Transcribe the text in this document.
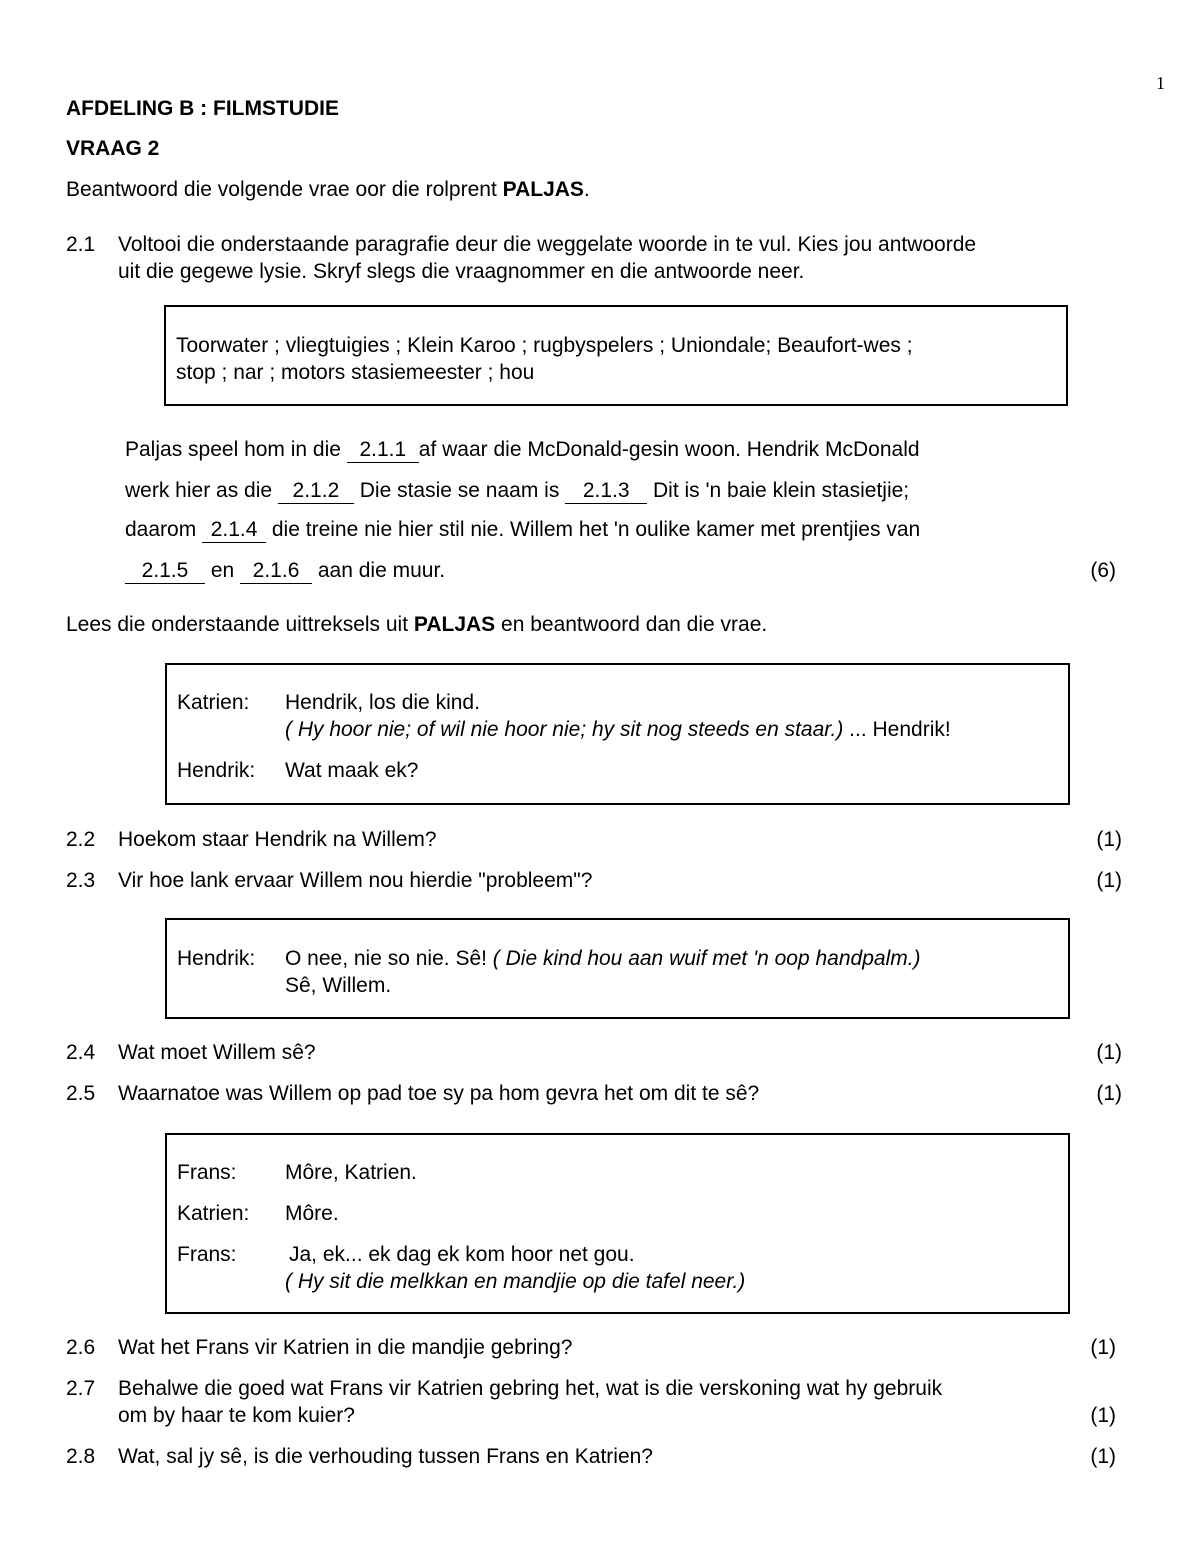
1
AFDELING B : FILMSTUDIE
VRAAG 2
Beantwoord die volgende vrae oor die rolprent PALJAS.
2.1 Voltooi die onderstaande paragrafie deur die weggelate woorde in te vul. Kies jou antwoorde
uit die gegewe lysie. Skryf slegs die vraagnommer en die antwoorde neer.
Toorwater ; vliegtuigies ; Klein Karoo ; rugbyspelers ; Uniondale; Beaufort-wes ;
stop ; nar ; motors stasiemeester ; hou
Paljas speel hom in die 2.1.1 af waar die McDonald-gesin woon. Hendrik McDonald
werk hier as die 2.1.2 Die stasie se naam is 2.1.3 Dit is 'n baie klein stasietjie;
daarom 2.1.4 die treine nie hier stil nie. Willem het 'n oulike kamer met prentjies van
2.1.5 en 2.1.6 aan die muur.	(6)
Lees die onderstaande uittreksels uit PALJAS en beantwoord dan die vrae.
Katrien: Hendrik, los die kind.
( Hy hoor nie; of wil nie hoor nie; hy sit nog steeds en staar.) ... Hendrik!
Hendrik: Wat maak ek?
2.2 Hoekom staar Hendrik na Willem?	(1)
2.3 Vir hoe lank ervaar Willem nou hierdie "probleem"?	(1)
Hendrik: O nee, nie so nie. Sê! ( Die kind hou aan wuif met 'n oop handpalm.)
Sê, Willem.
2.4 Wat moet Willem sê?	(1)
2.5 Waarnatoe was Willem op pad toe sy pa hom gevra het om dit te sê?	(1)
Frans: Môre, Katrien.
Katrien: Môre.
Frans: Ja, ek... ek dag ek kom hoor net gou.
( Hy sit die melkkan en mandjie op die tafel neer.)
2.6 Wat het Frans vir Katrien in die mandjie gebring?	(1)
2.7 Behalwe die goed wat Frans vir Katrien gebring het, wat is die verskoning wat hy gebruik
om by haar te kom kuier?	(1)
2.8 Wat, sal jy sê, is die verhouding tussen Frans en Katrien?	(1)
